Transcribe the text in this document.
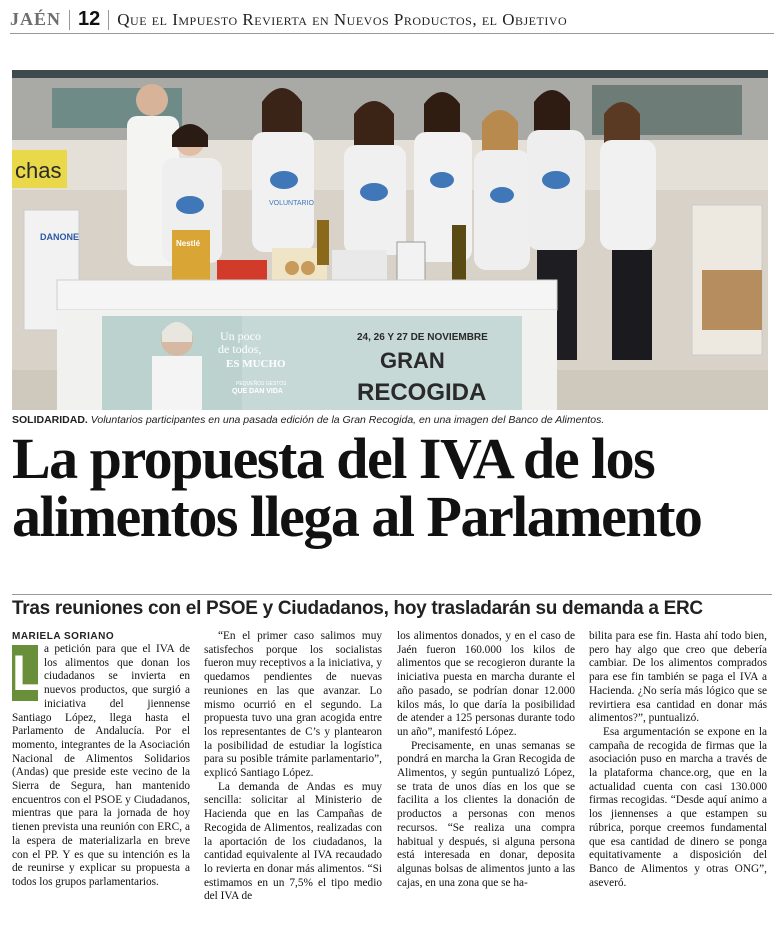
JAÉN 12 Que el Impuesto Revierta en Nuevos Productos, el Objetivo
chas
DANONE
VOLUNTARIO
Nestlé
Un poco
de todos,
ES MUCHO
PEQUEÑOS GESTOS
QUE DAN VIDA
24, 26 Y 27 DE NOVIEMBRE
GRAN
RECOGIDA
SOLIDARIDAD. Voluntarios participantes en una pasada edición de la Gran Recogida, en una imagen del Banco de Alimentos.
La propuesta del IVA de los
alimentos llega al Parlamento
Tras reuniones con el PSOE y Ciudadanos, hoy trasladarán su demanda a ERC
MARIELA SORIANO
L a petición para que el IVA de los alimentos que donan los ciudadanos se invierta en nuevos productos, que surgió a iniciativa del jiennense Santiago López, llega hasta el Parlamento de Andalucía. Por el momento, integrantes de la Asociación Nacional de Alimentos Solidarios (Andas) que preside este vecino de la Sierra de Segura, han mantenido encuentros con el PSOE y Ciudadanos, mientras que para la jornada de hoy tienen prevista una reunión con ERC, a la espera de materializarla en breve con el PP. Y es que su intención es la de reunirse y explicar su propuesta a todos los grupos parlamentarios.

“En el primer caso salimos muy satisfechos porque los socialistas fueron muy receptivos a la iniciativa, y quedamos pendientes de nuevas reuniones en las que avanzar. Lo mismo ocurrió en el segundo. La propuesta tuvo una gran acogida entre los representantes de C’s y plantearon la posibilidad de estudiar la logística para su posible trámite parlamentario”, explicó Santiago López.

La demanda de Andas es muy sencilla: solicitar al Ministerio de Hacienda que en las Campañas de Recogida de Alimentos, realizadas con la aportación de los ciudadanos, la cantidad equivalente al IVA recaudado lo revierta en donar más alimentos. “Si estimamos en un 7,5% el tipo medio del IVA de

los alimentos donados, y en el caso de Jaén fueron 160.000 los kilos de alimentos que se recogieron durante la iniciativa puesta en marcha durante el año pasado, se podrían donar 12.000 kilos más, lo que daría la posibilidad de atender a 125 personas durante todo un año”, manifestó López.

Precisamente, en unas semanas se pondrá en marcha la Gran Recogida de Alimentos, y según puntualizó López, se trata de unos días en los que se facilita a los clientes la donación de productos a personas con menos recursos. “Se realiza una compra habitual y después, si alguna persona está interesada en donar, deposita algunas bolsas de alimentos junto a las cajas, en una zona que se ha-

bilita para ese fin. Hasta ahí todo bien, pero hay algo que creo que debería cambiar. De los alimentos comprados para ese fin también se paga el IVA a Hacienda. ¿No sería más lógico que se revirtiera esa cantidad en donar más alimentos?”, puntualizó.

Esa argumentación se expone en la campaña de recogida de firmas que la asociación puso en marcha a través de la plataforma chance.org, que en la actualidad cuenta con casi 130.000 firmas recogidas. “Desde aquí animo a los jiennenses a que estampen su rúbrica, porque creemos fundamental que esa cantidad de dinero se ponga equitativamente a disposición del Banco de Alimentos y otras ONG”, aseveró.
